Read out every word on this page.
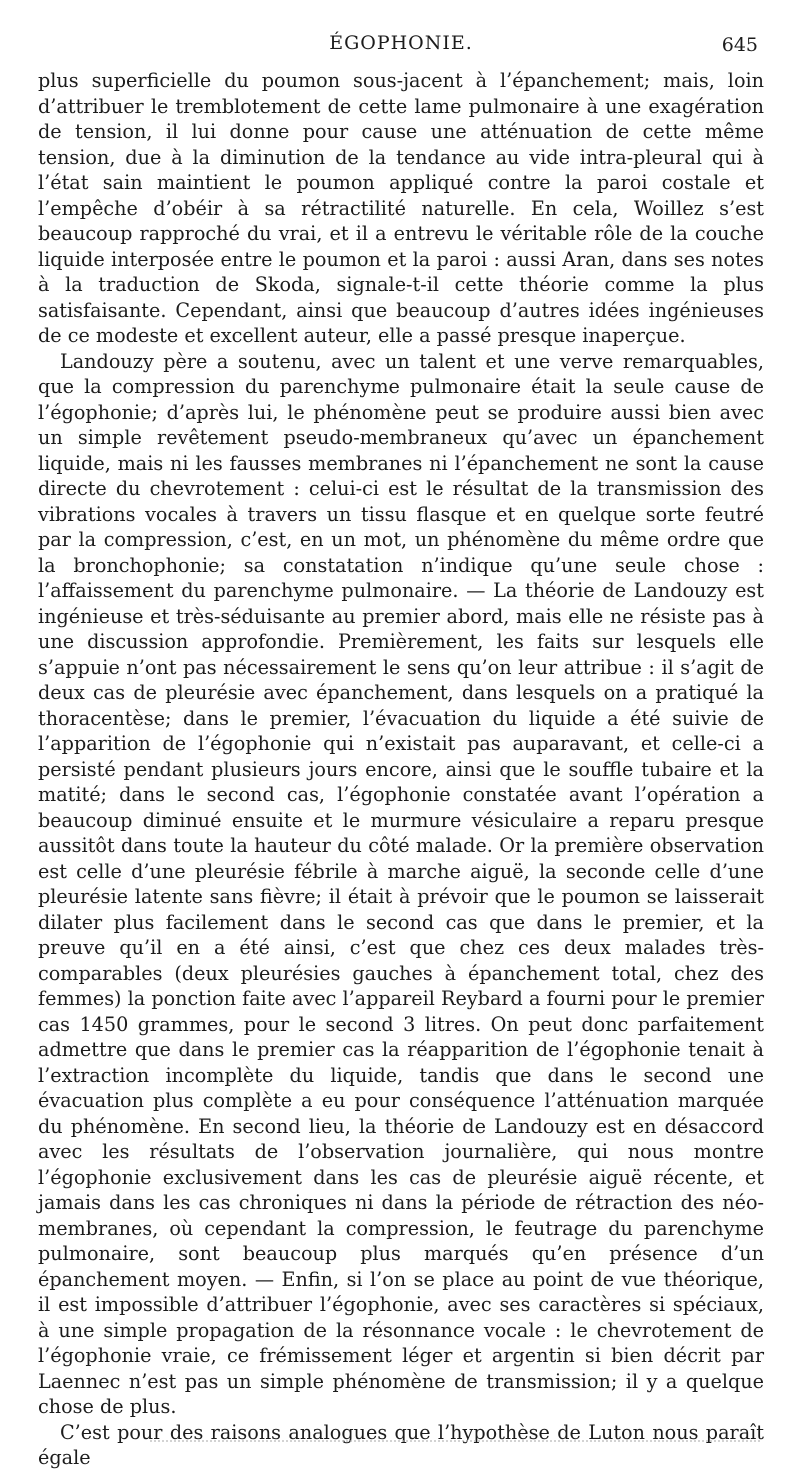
ÉGOPHONIE.	645

plus superficielle du poumon sous-jacent à l’épanchement; mais, loin d’attribuer le tremblotement de cette lame pulmonaire à une exagération de tension, il lui donne pour cause une atténuation de cette même tension, due à la diminution de la tendance au vide intra-pleural qui à l’état sain maintient le poumon appliqué contre la paroi costale et l’empêche d’obéir à sa rétractilité naturelle. En cela, Woillez s’est beaucoup rapproché du vrai, et il a entrevu le véritable rôle de la couche liquide interposée entre le poumon et la paroi : aussi Aran, dans ses notes à la traduction de Skoda, signale-t-il cette théorie comme la plus satisfaisante. Cependant, ainsi que beaucoup d’autres idées ingénieuses de ce modeste et excellent auteur, elle a passé presque inaperçue.

Landouzy père a soutenu, avec un talent et une verve remarquables, que la compression du parenchyme pulmonaire était la seule cause de l’égophonie; d’après lui, le phénomène peut se produire aussi bien avec un simple revêtement pseudo-membraneux qu’avec un épanchement liquide, mais ni les fausses membranes ni l’épanchement ne sont la cause directe du chevrotement : celui-ci est le résultat de la transmission des vibrations vocales à travers un tissu flasque et en quelque sorte feutré par la compression, c’est, en un mot, un phénomène du même ordre que la bronchophonie; sa constatation n’indique qu’une seule chose : l’affaissement du parenchyme pulmonaire. — La théorie de Landouzy est ingénieuse et très-séduisante au premier abord, mais elle ne résiste pas à une discussion approfondie. Premièrement, les faits sur lesquels elle s’appuie n’ont pas nécessairement le sens qu’on leur attribue : il s’agit de deux cas de pleurésie avec épanchement, dans lesquels on a pratiqué la thoracentèse; dans le premier, l’évacuation du liquide a été suivie de l’apparition de l’égophonie qui n’existait pas auparavant, et celle-ci a persisté pendant plusieurs jours encore, ainsi que le souffle tubaire et la matité; dans le second cas, l’égophonie constatée avant l’opération a beaucoup diminué ensuite et le murmure vésiculaire a reparu presque aussitôt dans toute la hauteur du côté malade. Or la première observation est celle d’une pleurésie fébrile à marche aiguë, la seconde celle d’une pleurésie latente sans fièvre; il était à prévoir que le poumon se laisserait dilater plus facilement dans le second cas que dans le premier, et la preuve qu’il en a été ainsi, c’est que chez ces deux malades très-comparables (deux pleurésies gauches à épanchement total, chez des femmes) la ponction faite avec l’appareil Reybard a fourni pour le premier cas 1450 grammes, pour le second 3 litres. On peut donc parfaitement admettre que dans le premier cas la réapparition de l’égophonie tenait à l’extraction incomplète du liquide, tandis que dans le second une évacuation plus complète a eu pour conséquence l’atténuation marquée du phénomène. En second lieu, la théorie de Landouzy est en désaccord avec les résultats de l’observation journalière, qui nous montre l’égophonie exclusivement dans les cas de pleurésie aiguë récente, et jamais dans les cas chroniques ni dans la période de rétraction des néo-membranes, où cependant la compression, le feutrage du parenchyme pulmonaire, sont beaucoup plus marqués qu’en présence d’un épanchement moyen. — Enfin, si l’on se place au point de vue théorique, il est impossible d’attribuer l’égophonie, avec ses caractères si spéciaux, à une simple propagation de la résonnance vocale : le chevrotement de l’égophonie vraie, ce frémissement léger et argentin si bien décrit par Laennec n’est pas un simple phénomène de transmission; il y a quelque chose de plus.

C’est pour des raisons analogues que l’hypothèse de Luton nous paraît égale
